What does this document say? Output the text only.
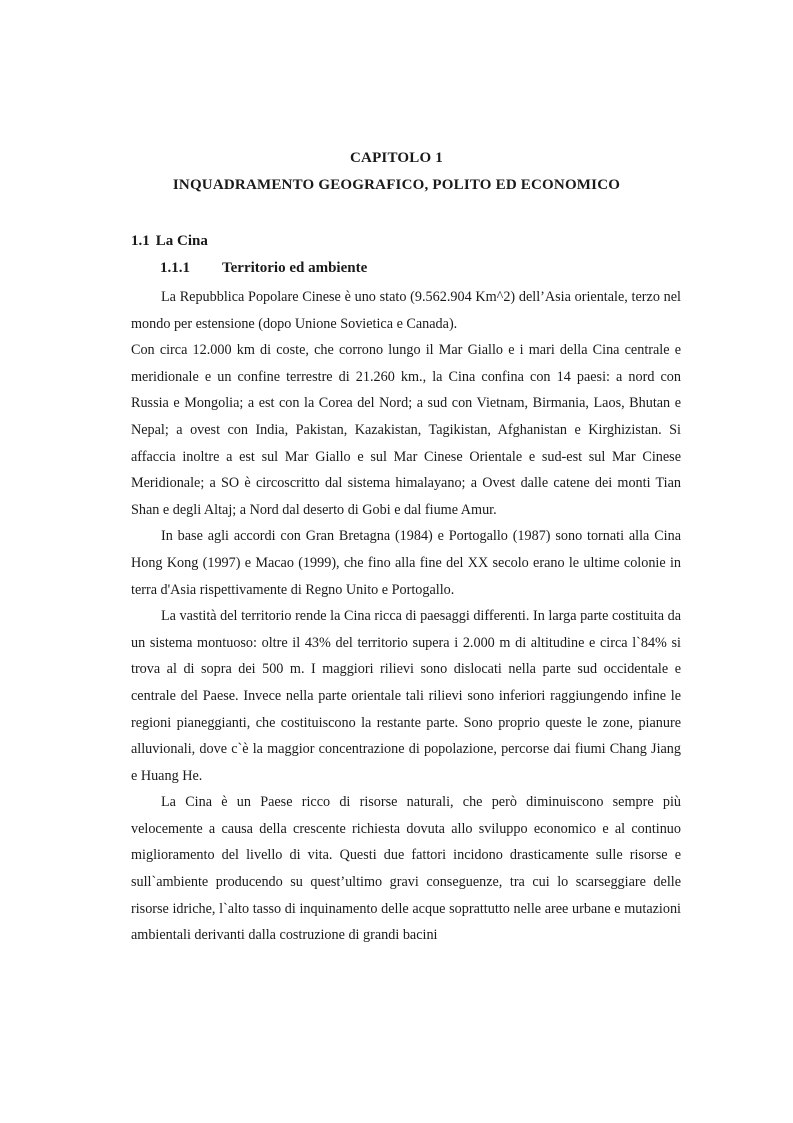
CAPITOLO 1
INQUADRAMENTO GEOGRAFICO, POLITO ED ECONOMICO
1.1 La Cina
1.1.1 Territorio ed ambiente

La Repubblica Popolare Cinese è uno stato (9.562.904 Km^2) dell’Asia orientale, terzo nel mondo per estensione (dopo Unione Sovietica e Canada).

Con circa 12.000 km di coste, che corrono lungo il Mar Giallo e i mari della Cina centrale e meridionale e un confine terrestre di 21.260 km., la Cina confina con 14 paesi: a nord con Russia e Mongolia; a est con la Corea del Nord; a sud con Vietnam, Birmania, Laos, Bhutan e Nepal; a ovest con India, Pakistan, Kazakistan, Tagikistan, Afghanistan e Kirghizistan. Si affaccia inoltre a est sul Mar Giallo e sul Mar Cinese Orientale e sud-est sul Mar Cinese Meridionale; a SO è circoscritto dal sistema himalayano; a Ovest dalle catene dei monti Tian Shan e degli Altaj; a Nord dal deserto di Gobi e dal fiume Amur.

In base agli accordi con Gran Bretagna (1984) e Portogallo (1987) sono tornati alla Cina Hong Kong (1997) e Macao (1999), che fino alla fine del XX secolo erano le ultime colonie in terra d'Asia rispettivamente di Regno Unito e Portogallo.

La vastità del territorio rende la Cina ricca di paesaggi differenti. In larga parte costituita da un sistema montuoso: oltre il 43% del territorio supera i 2.000 m di altitudine e circa l`84% si trova al di sopra dei 500 m. I maggiori rilievi sono dislocati nella parte sud occidentale e centrale del Paese. Invece nella parte orientale tali rilievi sono inferiori raggiungendo infine le regioni pianeggianti, che costituiscono la restante parte. Sono proprio queste le zone, pianure alluvionali, dove c`è la maggior concentrazione di popolazione, percorse dai fiumi Chang Jiang e Huang He.

La Cina è un Paese ricco di risorse naturali, che però diminuiscono sempre più velocemente a causa della crescente richiesta dovuta allo sviluppo economico e al continuo miglioramento del livello di vita. Questi due fattori incidono drasticamente sulle risorse e sull`ambiente producendo su quest’ultimo gravi conseguenze, tra cui lo scarseggiare delle risorse idriche, l`alto tasso di inquinamento delle acque soprattutto nelle aree urbane e mutazioni ambientali derivanti dalla costruzione di grandi bacini
